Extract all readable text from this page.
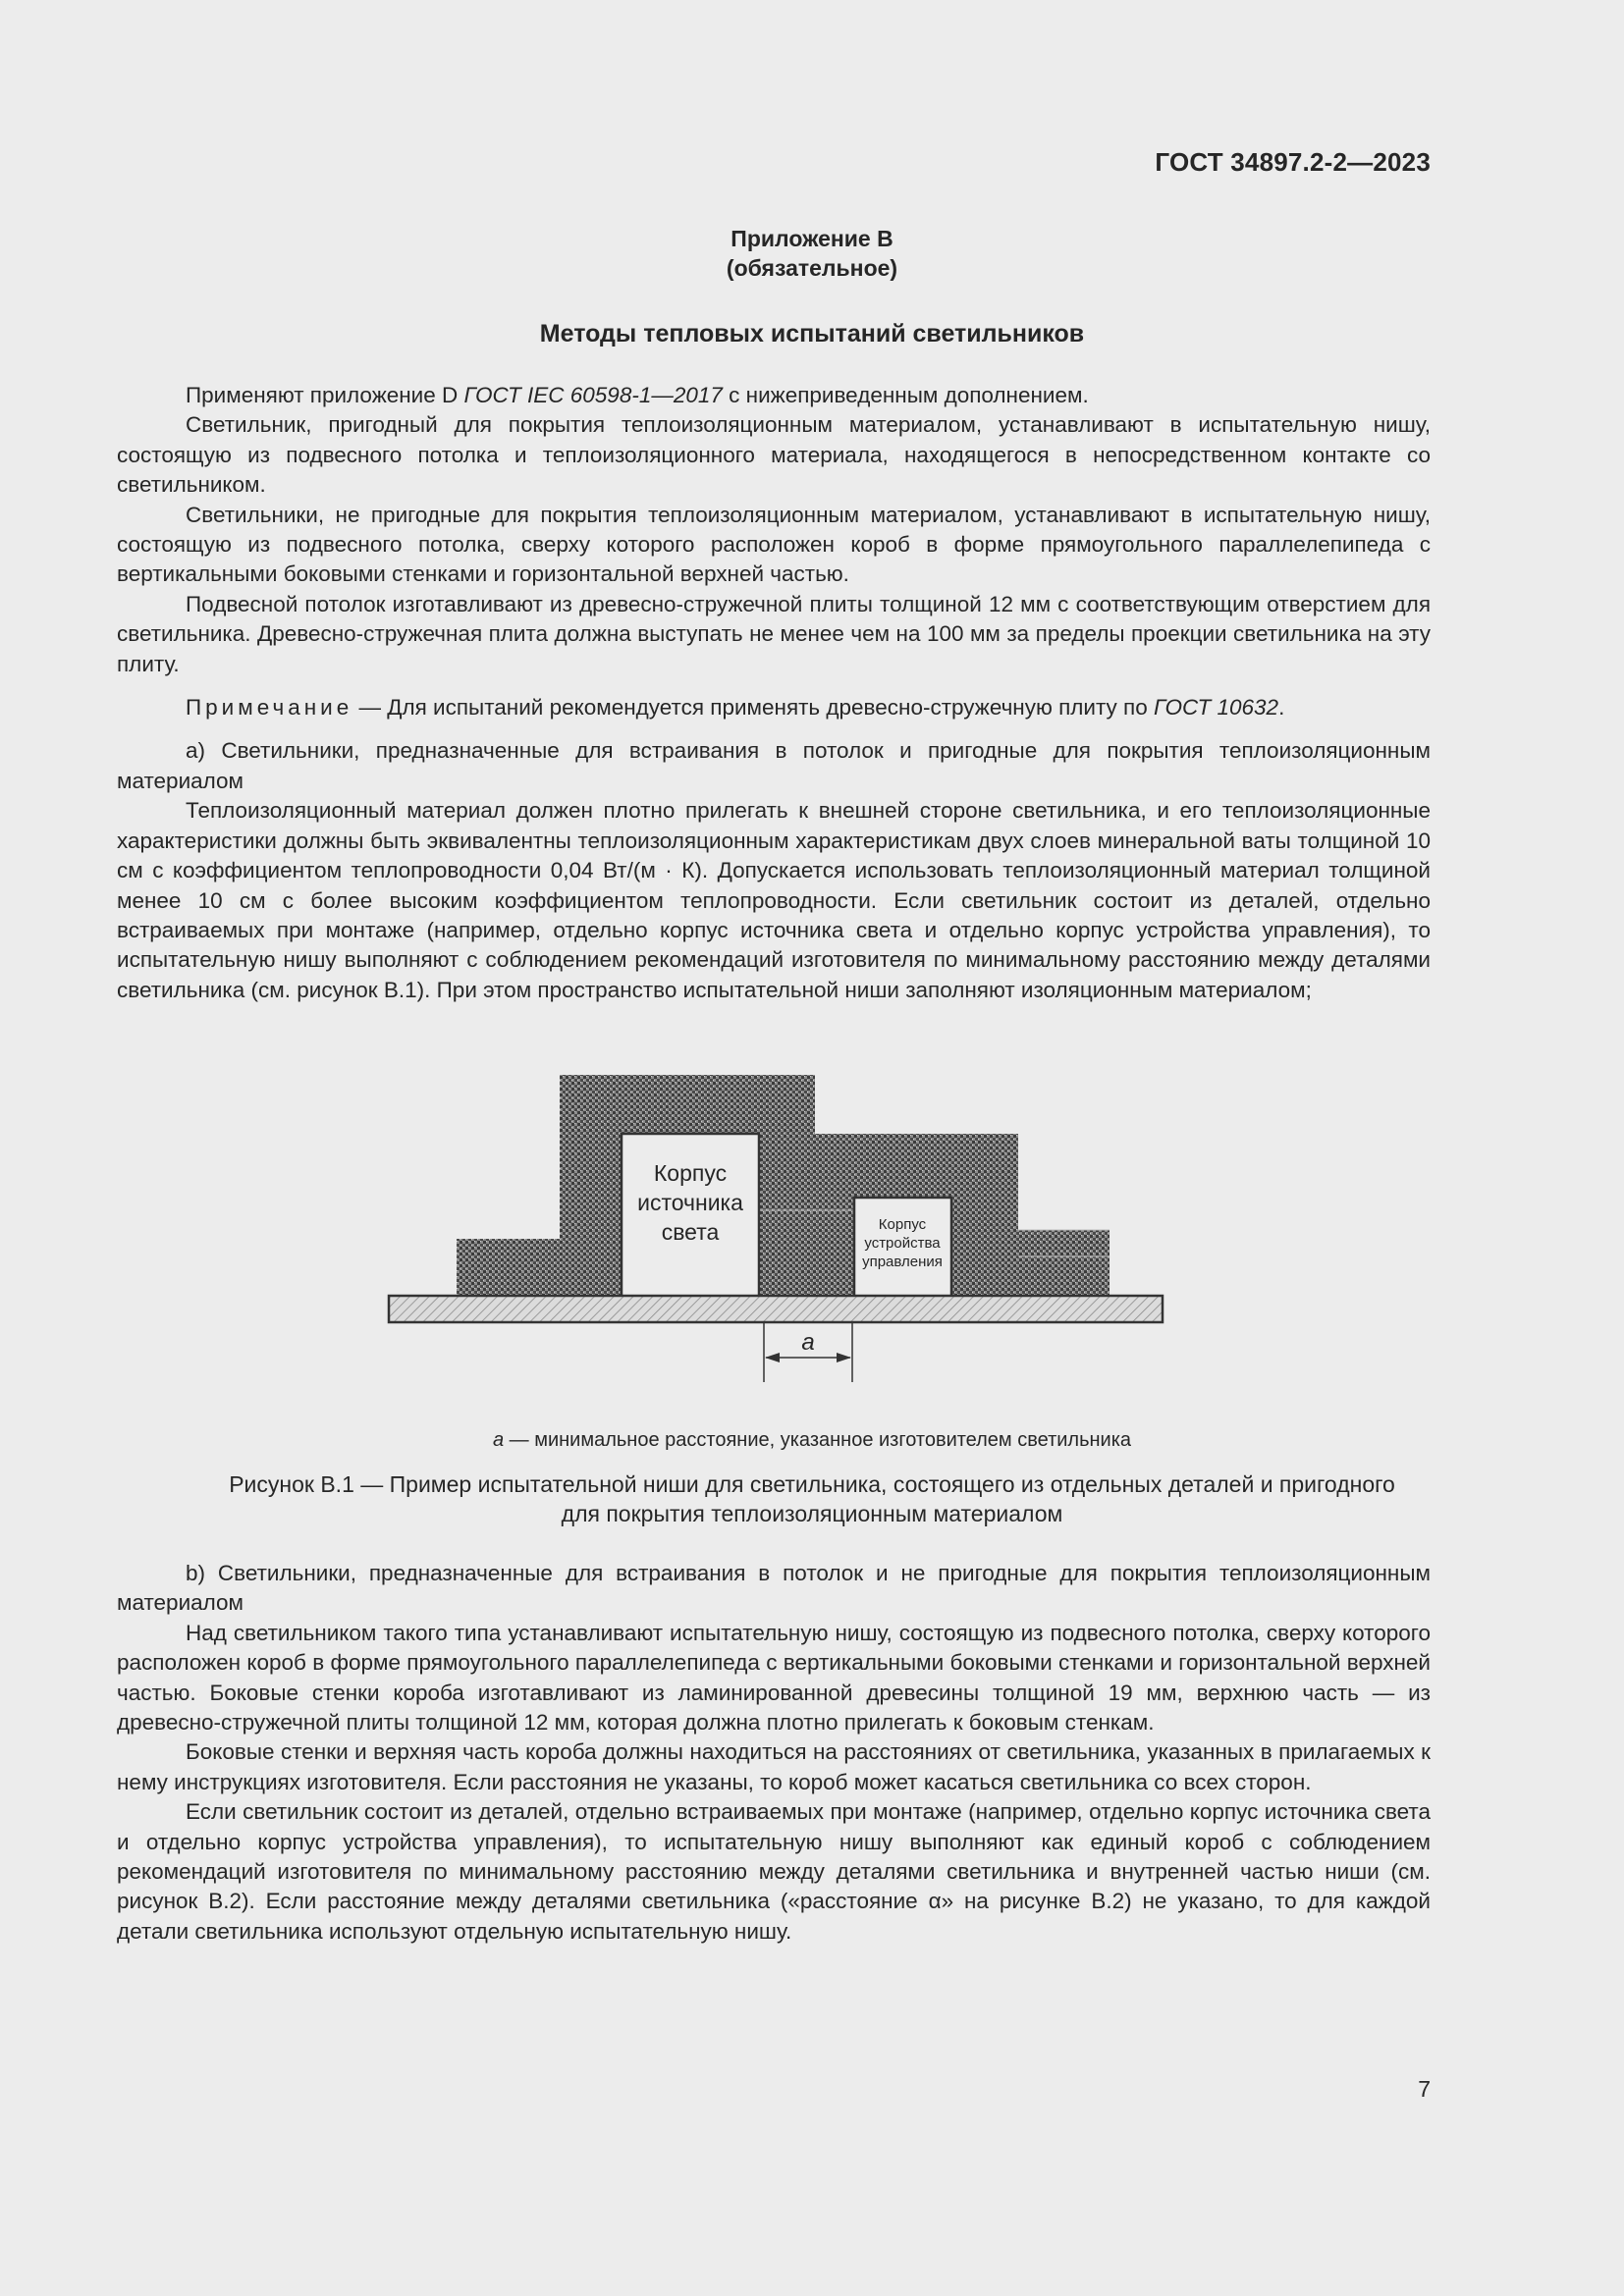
ГОСТ 34897.2-2—2023
Приложение В
(обязательное)
Методы тепловых испытаний светильников

Применяют приложение D ГОСТ IEC 60598-1—2017 с нижеприведенным дополнением.

Светильник, пригодный для покрытия теплоизоляционным материалом, устанавливают в испытательную нишу, состоящую из подвесного потолка и теплоизоляционного материала, находящегося в непосредственном контакте со светильником.

Светильники, не пригодные для покрытия теплоизоляционным материалом, устанавливают в испытательную нишу, состоящую из подвесного потолка, сверху которого расположен короб в форме прямоугольного параллелепипеда с вертикальными боковыми стенками и горизонтальной верхней частью.

Подвесной потолок изготавливают из древесно-стружечной плиты толщиной 12 мм с соответствующим отверстием для светильника. Древесно-стружечная плита должна выступать не менее чем на 100 мм за пределы проекции светильника на эту плиту.

Примечание — Для испытаний рекомендуется применять древесно-стружечную плиту по ГОСТ 10632.

a) Светильники, предназначенные для встраивания в потолок и пригодные для покрытия теплоизоляционным материалом

Теплоизоляционный материал должен плотно прилегать к внешней стороне светильника, и его теплоизоляционные характеристики должны быть эквивалентны теплоизоляционным характеристикам двух слоев минеральной ваты толщиной 10 см с коэффициентом теплопроводности 0,04 Вт/(м · К). Допускается использовать теплоизоляционный материал толщиной менее 10 см с более высоким коэффициентом теплопроводности. Если светильник состоит из деталей, отдельно встраиваемых при монтаже (например, отдельно корпус источника света и отдельно корпус устройства управления), то испытательную нишу выполняют с соблюдением рекомендаций изготовителя по минимальному расстоянию между деталями светильника (см. рисунок В.1). При этом пространство испытательной ниши заполняют изоляционным материалом;

Корпус
источника
света	Корпус
устройства
управления
a
a — минимальное расстояние, указанное изготовителем светильника
Рисунок В.1 — Пример испытательной ниши для светильника, состоящего из отдельных деталей и пригодного
для покрытия теплоизоляционным материалом

b) Светильники, предназначенные для встраивания в потолок и не пригодные для покрытия теплоизоляционным материалом

Над светильником такого типа устанавливают испытательную нишу, состоящую из подвесного потолка, сверху которого расположен короб в форме прямоугольного параллелепипеда с вертикальными боковыми стенками и горизонтальной верхней частью. Боковые стенки короба изготавливают из ламинированной древесины толщиной 19 мм, верхнюю часть — из древесно-стружечной плиты толщиной 12 мм, которая должна плотно прилегать к боковым стенкам.

Боковые стенки и верхняя часть короба должны находиться на расстояниях от светильника, указанных в прилагаемых к нему инструкциях изготовителя. Если расстояния не указаны, то короб может касаться светильника со всех сторон.

Если светильник состоит из деталей, отдельно встраиваемых при монтаже (например, отдельно корпус источника света и отдельно корпус устройства управления), то испытательную нишу выполняют как единый короб с соблюдением рекомендаций изготовителя по минимальному расстоянию между деталями светильника и внутренней частью ниши (см. рисунок В.2). Если расстояние между деталями светильника («расстояние α» на рисунке В.2) не указано, то для каждой детали светильника используют отдельную испытательную нишу.

7
